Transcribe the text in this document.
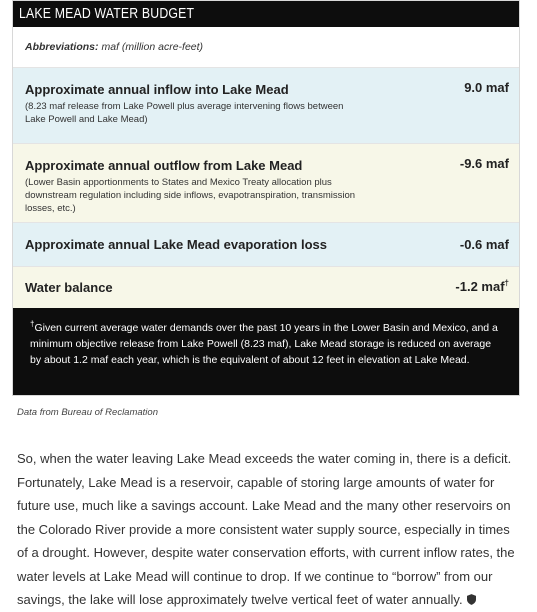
LAKE MEAD WATER BUDGET
Abbreviations: maf (million acre-feet)
Approximate annual inflow into Lake Mead
(8.23 maf release from Lake Powell plus average intervening flows between Lake Powell and Lake Mead)
9.0 maf
Approximate annual outflow from Lake Mead
(Lower Basin apportionments to States and Mexico Treaty allocation plus downstream regulation including side inflows, evapotranspiration, transmission losses, etc.)
-9.6 maf
Approximate annual Lake Mead evaporation loss	-0.6 maf
Water balance	-1.2 maf†
†Given current average water demands over the past 10 years in the Lower Basin and Mexico, and a minimum objective release from Lake Powell (8.23 maf), Lake Mead storage is reduced on average by about 1.2 maf each year, which is the equivalent of about 12 feet in elevation at Lake Mead.
Data from Bureau of Reclamation

So, when the water leaving Lake Mead exceeds the water coming in, there is a deficit. Fortunately, Lake Mead is a reservoir, capable of storing large amounts of water for future use, much like a savings account. Lake Mead and the many other reservoirs on the Colorado River provide a more consistent water supply source, especially in times of a drought. However, despite water conservation efforts, with current inflow rates, the water levels at Lake Mead will continue to drop. If we continue to “borrow” from our savings, the lake will lose approximately twelve vertical feet of water annually.
